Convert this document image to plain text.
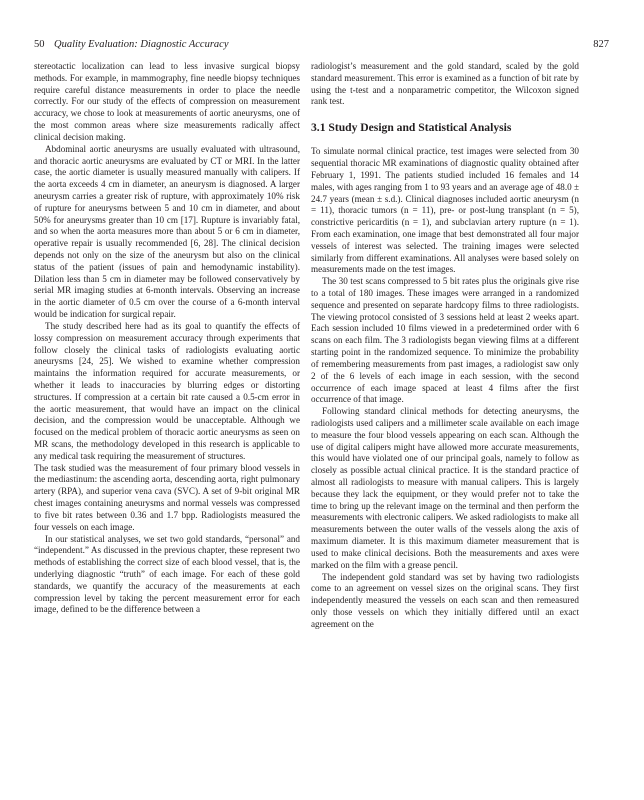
50 Quality Evaluation: Diagnostic Accuracy	827

stereotactic localization can lead to less invasive surgical biopsy methods. For example, in mammography, fine needle biopsy techniques require careful distance measurements in order to place the needle correctly. For our study of the effects of compression on measurement accuracy, we chose to look at measurements of aortic aneurysms, one of the most common areas where size measurements radically affect clinical decision making.

Abdominal aortic aneurysms are usually evaluated with ultrasound, and thoracic aortic aneurysms are evaluated by CT or MRI. In the latter case, the aortic diameter is usually measured manually with calipers. If the aorta exceeds 4 cm in diameter, an aneurysm is diagnosed. A larger aneurysm carries a greater risk of rupture, with approximately 10% risk of rupture for aneurysms between 5 and 10 cm in diameter, and about 50% for aneurysms greater than 10 cm [17]. Rupture is invariably fatal, and so when the aorta measures more than about 5 or 6 cm in diameter, operative repair is usually recommended [6, 28]. The clinical decision depends not only on the size of the aneurysm but also on the clinical status of the patient (issues of pain and hemodynamic instability). Dilation less than 5 cm in diameter may be followed conservatively by serial MR imaging studies at 6-month intervals. Observing an increase in the aortic diameter of 0.5 cm over the course of a 6-month interval would be indication for surgical repair.

The study described here had as its goal to quantify the effects of lossy compression on measurement accuracy through experiments that follow closely the clinical tasks of radiologists evaluating aortic aneurysms [24, 25]. We wished to examine whether compression maintains the information required for accurate measurements, or whether it leads to inaccuracies by blurring edges or distorting structures. If compression at a certain bit rate caused a 0.5-cm error in the aortic measurement, that would have an impact on the clinical decision, and the compression would be unacceptable. Although we focused on the medical problem of thoracic aortic aneurysms as seen on MR scans, the methodology developed in this research is applicable to any medical task requiring the measurement of structures.

The task studied was the measurement of four primary blood vessels in the mediastinum: the ascending aorta, descending aorta, right pulmonary artery (RPA), and superior vena cava (SVC). A set of 9-bit original MR chest images containing aneurysms and normal vessels was compressed to five bit rates between 0.36 and 1.7 bpp. Radiologists measured the four vessels on each image.

In our statistical analyses, we set two gold standards, “personal” and “independent.” As discussed in the previous chapter, these represent two methods of establishing the correct size of each blood vessel, that is, the underlying diagnostic “truth” of each image. For each of these gold standards, we quantify the accuracy of the measurements at each compression level by taking the percent measurement error for each image, defined to be the difference between a

radiologist’s measurement and the gold standard, scaled by the gold standard measurement. This error is examined as a function of bit rate by using the t-test and a nonparametric competitor, the Wilcoxon signed rank test.

3.1 Study Design and Statistical Analysis

To simulate normal clinical practice, test images were selected from 30 sequential thoracic MR examinations of diagnostic quality obtained after February 1, 1991. The patients studied included 16 females and 14 males, with ages ranging from 1 to 93 years and an average age of 48.0 ± 24.7 years (mean ± s.d.). Clinical diagnoses included aortic aneurysm (n = 11), thoracic tumors (n = 11), pre- or post-lung transplant (n = 5), constrictive pericarditis (n = 1), and subclavian artery rupture (n = 1). From each examination, one image that best demonstrated all four major vessels of interest was selected. The training images were selected similarly from different examinations. All analyses were based solely on measurements made on the test images.

The 30 test scans compressed to 5 bit rates plus the originals give rise to a total of 180 images. These images were arranged in a randomized sequence and presented on separate hardcopy films to three radiologists. The viewing protocol consisted of 3 sessions held at least 2 weeks apart. Each session included 10 films viewed in a predetermined order with 6 scans on each film. The 3 radiologists began viewing films at a different starting point in the randomized sequence. To minimize the probability of remembering measurements from past images, a radiologist saw only 2 of the 6 levels of each image in each session, with the second occurrence of each image spaced at least 4 films after the first occurrence of that image.

Following standard clinical methods for detecting aneurysms, the radiologists used calipers and a millimeter scale available on each image to measure the four blood vessels appearing on each scan. Although the use of digital calipers might have allowed more accurate measurements, this would have violated one of our principal goals, namely to follow as closely as possible actual clinical practice. It is the standard practice of almost all radiologists to measure with manual calipers. This is largely because they lack the equipment, or they would prefer not to take the time to bring up the relevant image on the terminal and then perform the measurements with electronic calipers. We asked radiologists to make all measurements between the outer walls of the vessels along the axis of maximum diameter. It is this maximum diameter measurement that is used to make clinical decisions. Both the measurements and axes were marked on the film with a grease pencil.

The independent gold standard was set by having two radiologists come to an agreement on vessel sizes on the original scans. They first independently measured the vessels on each scan and then remeasured only those vessels on which they initially differed until an exact agreement on the
